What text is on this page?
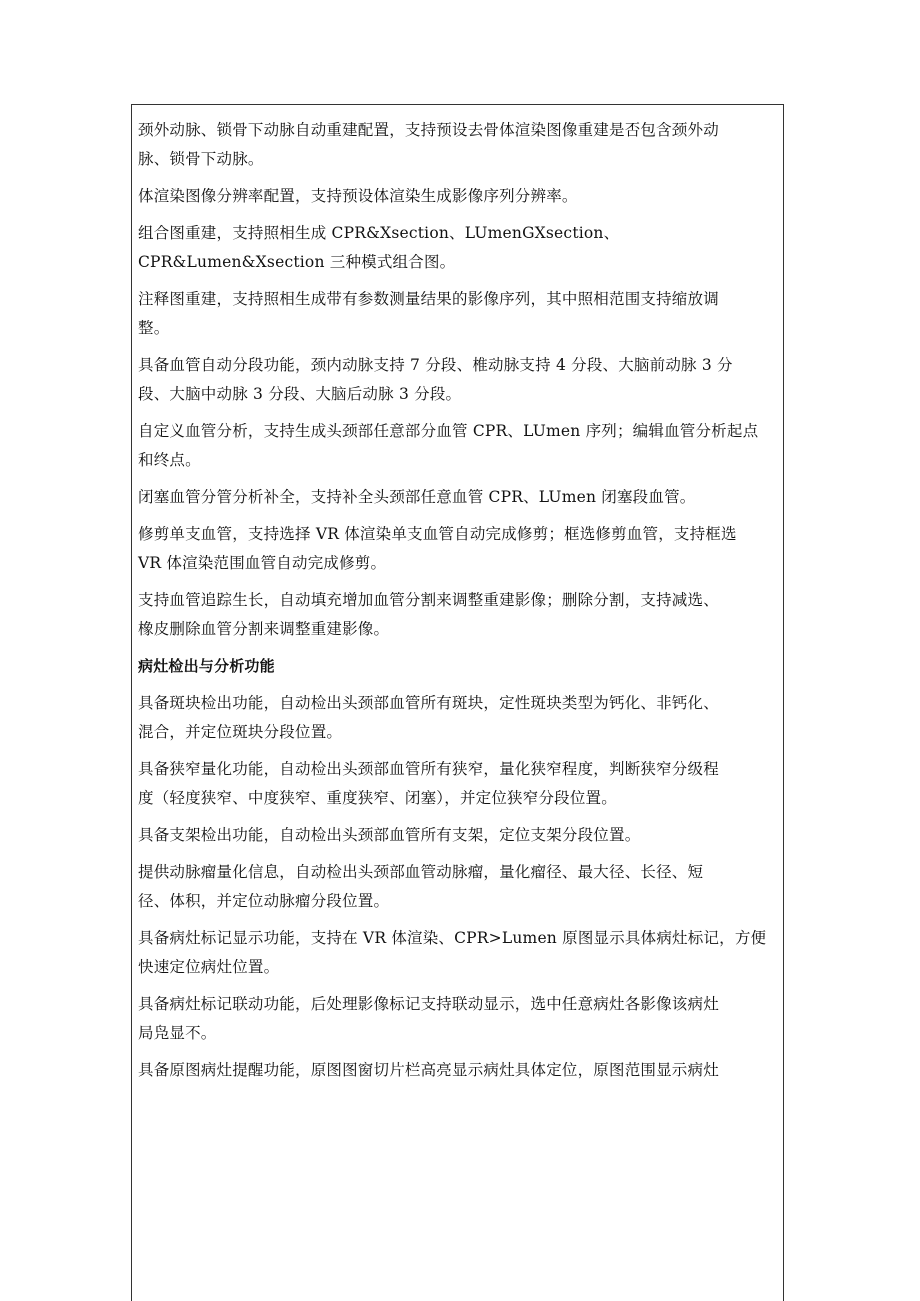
颈外动脉、锁骨下动脉自动重建配置，支持预设去骨体渲染图像重建是否包含颈外动
脉、锁骨下动脉。
体渲染图像分辨率配置，支持预设体渲染生成影像序列分辨率。
组合图重建，支持照相生成 CPR&Xsection、LUmenGXsection、
CPR&Lumen&Xsection 三种模式组合图。
注释图重建，支持照相生成带有参数测量结果的影像序列，其中照相范围支持缩放调
整。
具备血管自动分段功能，颈内动脉支持 7 分段、椎动脉支持 4 分段、大脑前动脉 3 分
段、大脑中动脉 3 分段、大脑后动脉 3 分段。
自定义血管分析，支持生成头颈部任意部分血管 CPR、LUmen 序列；编辑血管分析起点
和终点。
闭塞血管分管分析补全，支持补全头颈部任意血管 CPR、LUmen 闭塞段血管。
修剪单支血管，支持选择 VR 体渲染单支血管自动完成修剪；框选修剪血管，支持框选
VR 体渲染范围血管自动完成修剪。
支持血管追踪生长，自动填充增加血管分割来调整重建影像；删除分割，支持减选、
橡皮删除血管分割来调整重建影像。
病灶检出与分析功能
具备斑块检出功能，自动检出头颈部血管所有斑块，定性斑块类型为钙化、非钙化、
混合，并定位斑块分段位置。
具备狭窄量化功能，自动检出头颈部血管所有狭窄，量化狭窄程度，判断狭窄分级程
度（轻度狭窄、中度狭窄、重度狭窄、闭塞），并定位狭窄分段位置。
具备支架检出功能，自动检出头颈部血管所有支架，定位支架分段位置。
提供动脉瘤量化信息，自动检出头颈部血管动脉瘤，量化瘤径、最大径、长径、短
径、体积，并定位动脉瘤分段位置。
具备病灶标记显示功能，支持在 VR 体渲染、CPR>Lumen 原图显示具体病灶标记，方便
快速定位病灶位置。
具备病灶标记联动功能，后处理影像标记支持联动显示，选中任意病灶各影像该病灶
局凫显不。
具备原图病灶提醒功能，原图图窗切片栏高亮显示病灶具体定位，原图范围显示病灶
